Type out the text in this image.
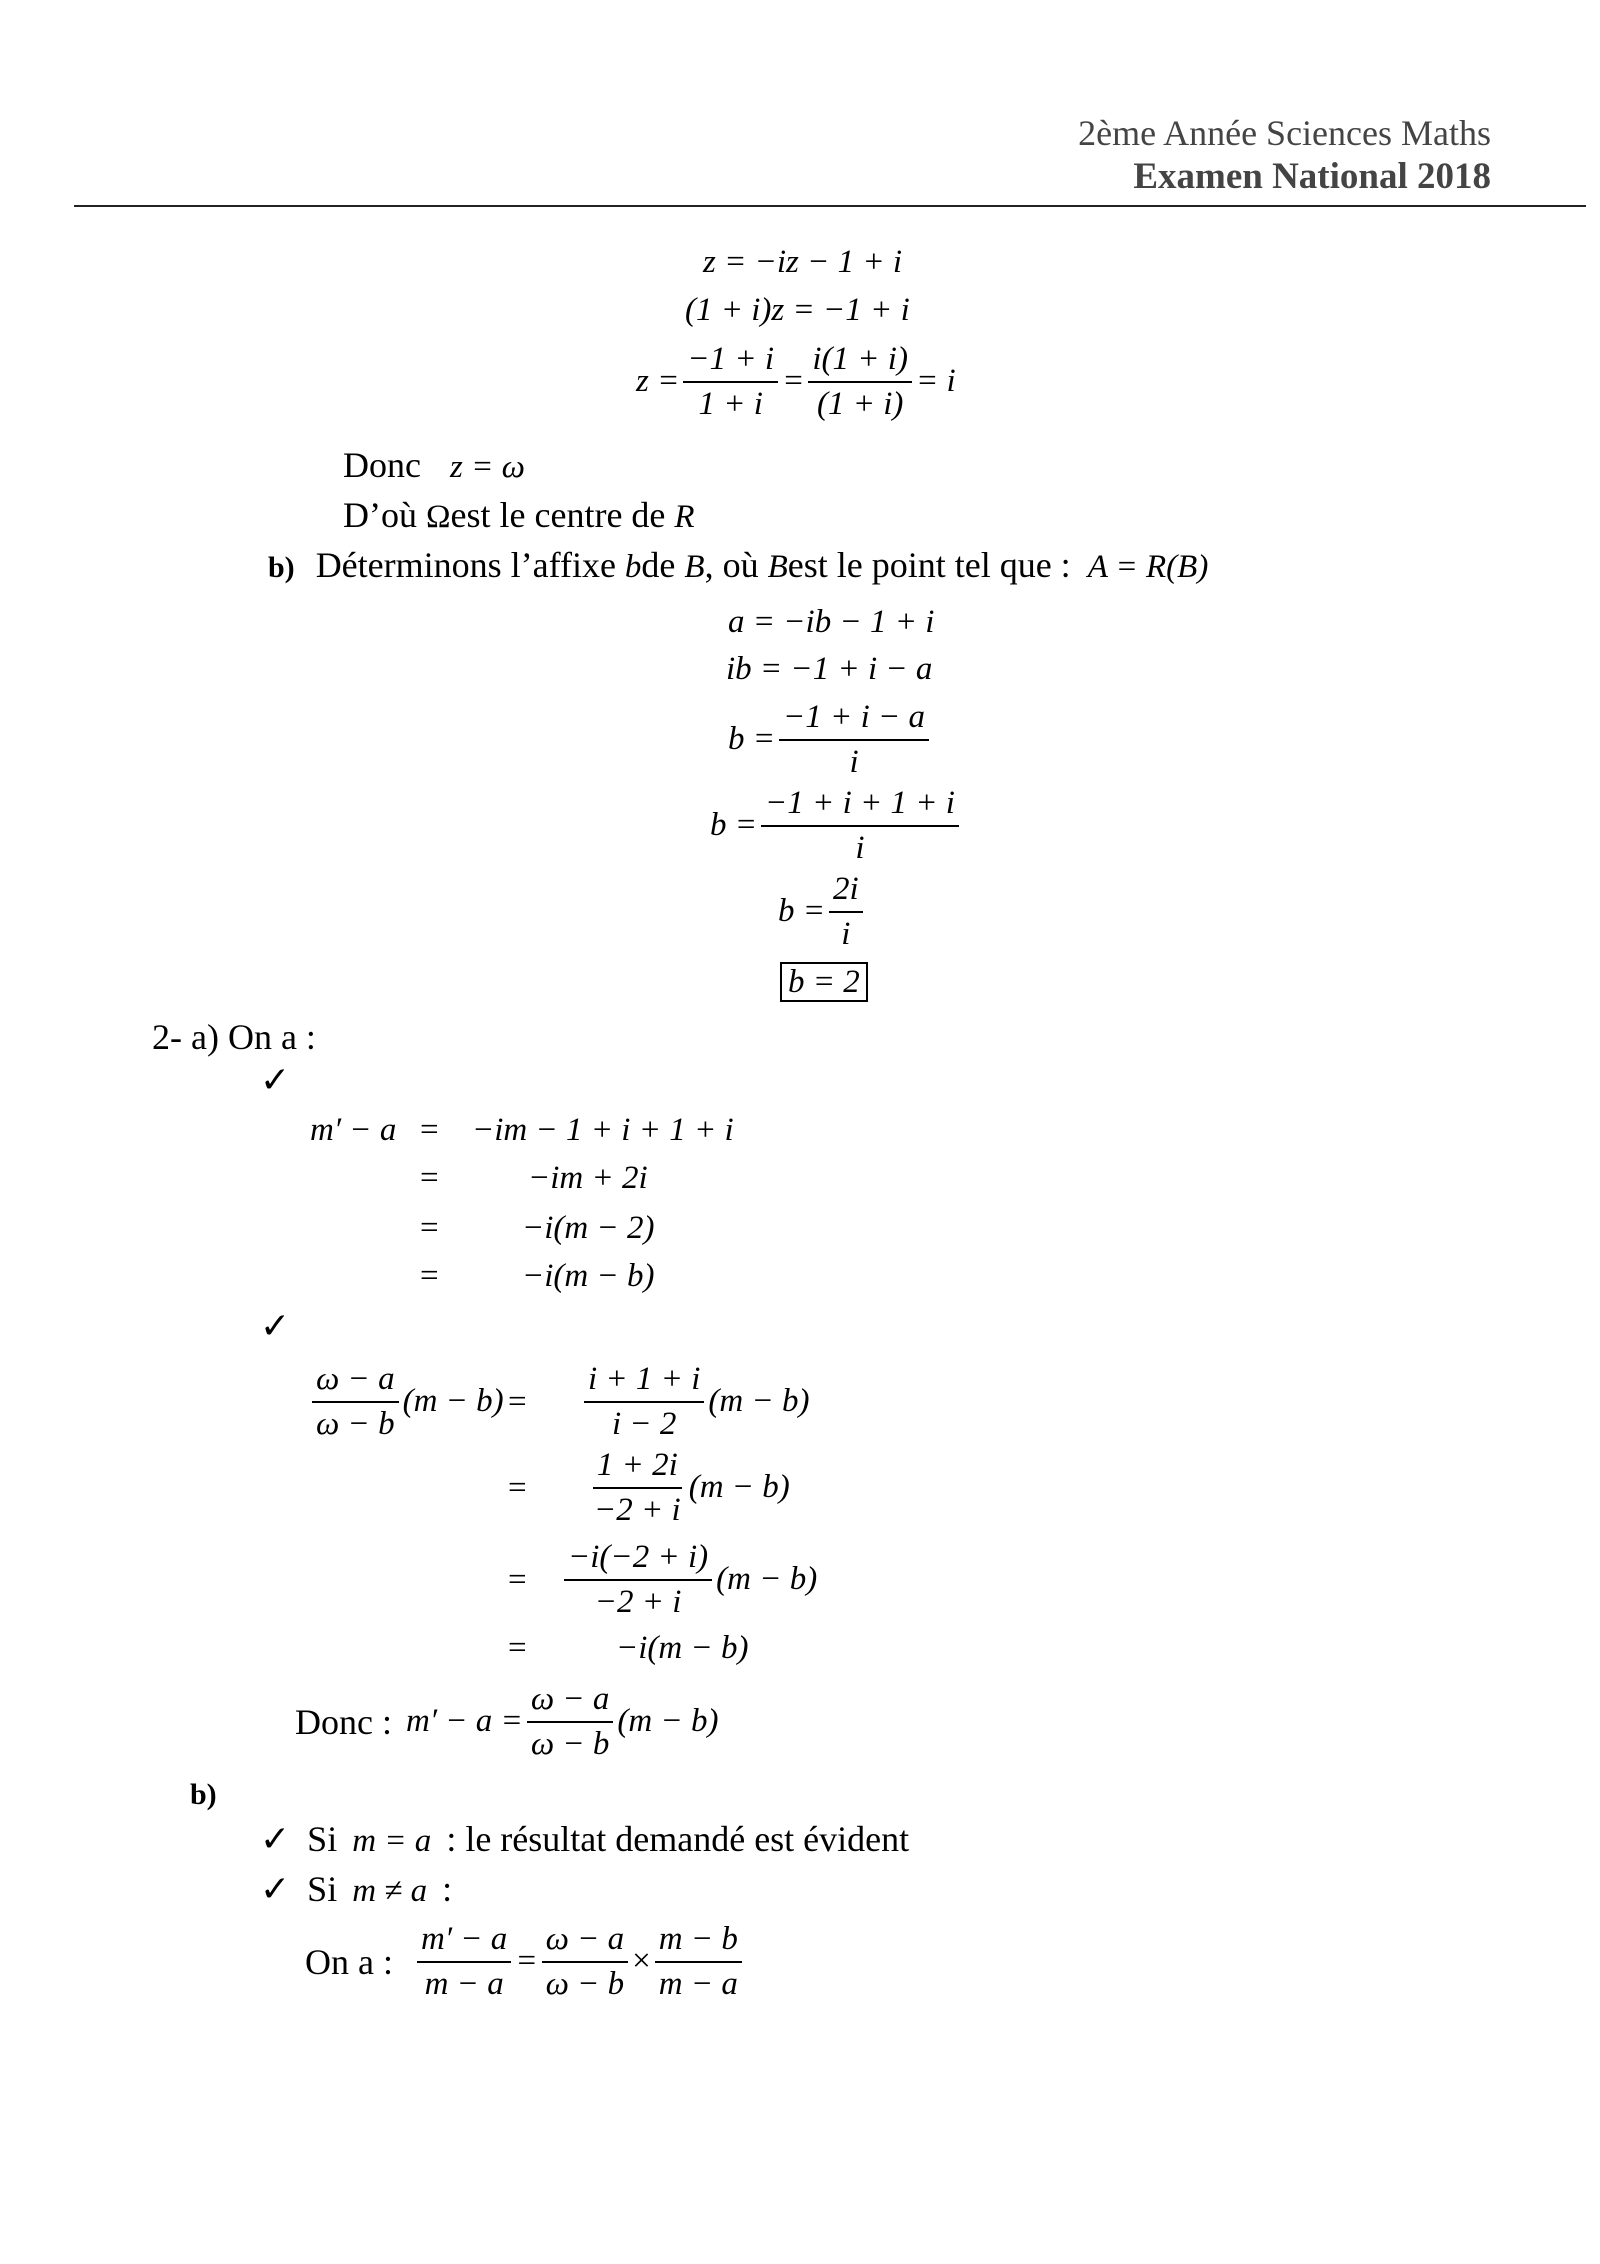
2ème Année Sciences Maths
Examen National 2018
z = −iz − 1 + i
(1 + i)z = −1 + i
$z = \frac{-1 + i}{1 + i} = \frac{i(1 + i)}{(1 + i)} = i$
Donc z = ω
D’où Ωest le centre de R
b) Déterminons l’affixe bde B, où Best le point tel que : A = R(B)
a = −ib − 1 + i
ib = −1 + i − a
$b = \frac{-1 + i - a}{i}$
$b = \frac{-1 + i + 1 + i}{i}$
$b = \frac{2i}{i}$
b = 2
2- a) On a :
✓
m′ − a = −im − 1 + i + 1 + i
=	−im + 2i
=	−i(m − 2)
=	−i(m − b)
✓
$\frac{\omega - a}{\omega - b} (m - b) = \frac{i + 1 + i}{i - 2} (m - b)$
= $\frac{1 + 2i}{-2 + i} (m - b)$
= $\frac{-i(-2 + i)}{-2 + i} (m - b)$
=	−i(m − b)
Donc : $m' - a = \frac{\omega - a}{\omega - b} (m - b)$
b)
✓ Si m = a : le résultat demandé est évident
✓ Si m ≠ a :
On a : $\frac{m' - a}{m - a} = \frac{\omega - a}{\omega - b} \times \frac{m - b}{m - a}$
